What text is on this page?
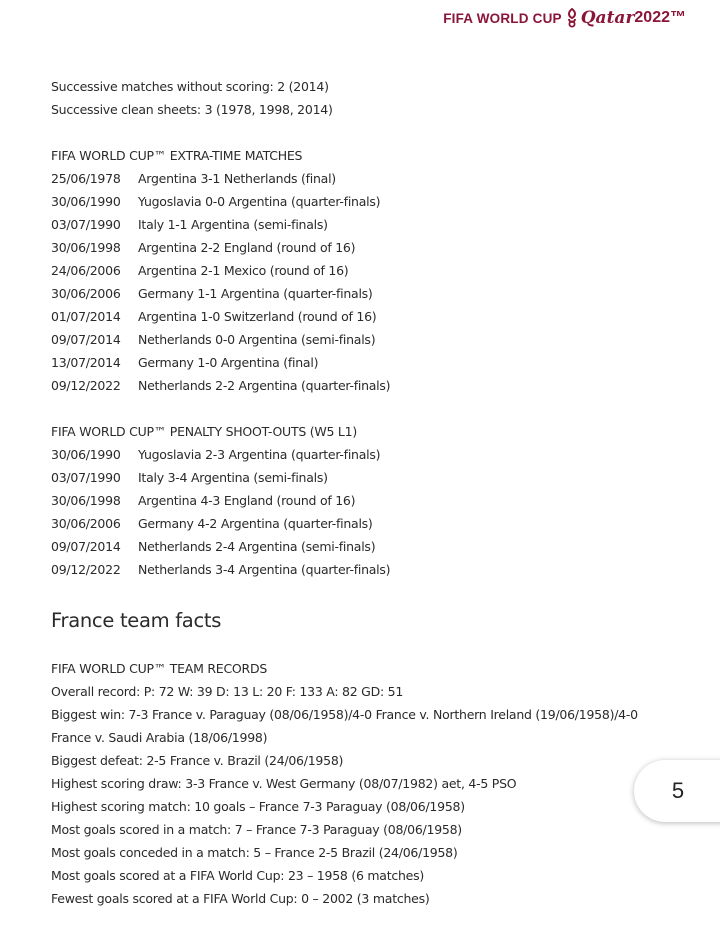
FIFA WORLD CUP Qatar 2022™
Successive matches without scoring: 2 (2014)
Successive clean sheets: 3 (1978, 1998, 2014)
FIFA WORLD CUP™ EXTRA-TIME MATCHES
25/06/1978 Argentina 3-1 Netherlands (final)
30/06/1990 Yugoslavia 0-0 Argentina (quarter-finals)
03/07/1990 Italy 1-1 Argentina (semi-finals)
30/06/1998 Argentina 2-2 England (round of 16)
24/06/2006 Argentina 2-1 Mexico (round of 16)
30/06/2006 Germany 1-1 Argentina (quarter-finals)
01/07/2014 Argentina 1-0 Switzerland (round of 16)
09/07/2014 Netherlands 0-0 Argentina (semi-finals)
13/07/2014 Germany 1-0 Argentina (final)
09/12/2022 Netherlands 2-2 Argentina (quarter-finals)
FIFA WORLD CUP™ PENALTY SHOOT-OUTS (W5 L1)
30/06/1990 Yugoslavia 2-3 Argentina (quarter-finals)
03/07/1990 Italy 3-4 Argentina (semi-finals)
30/06/1998 Argentina 4-3 England (round of 16)
30/06/2006 Germany 4-2 Argentina (quarter-finals)
09/07/2014 Netherlands 2-4 Argentina (semi-finals)
09/12/2022 Netherlands 3-4 Argentina (quarter-finals)
France team facts
FIFA WORLD CUP™ TEAM RECORDS
Overall record: P: 72 W: 39 D: 13 L: 20 F: 133 A: 82 GD: 51
Biggest win: 7-3 France v. Paraguay (08/06/1958)/4-0 France v. Northern Ireland (19/06/1958)/4-0
France v. Saudi Arabia (18/06/1998)
Biggest defeat: 2-5 France v. Brazil (24/06/1958)
Highest scoring draw: 3-3 France v. West Germany (08/07/1982) aet, 4-5 PSO
Highest scoring match: 10 goals – France 7-3 Paraguay (08/06/1958)
Most goals scored in a match: 7 – France 7-3 Paraguay (08/06/1958)
Most goals conceded in a match: 5 – France 2-5 Brazil (24/06/1958)
Most goals scored at a FIFA World Cup: 23 – 1958 (6 matches)
Fewest goals scored at a FIFA World Cup: 0 – 2002 (3 matches)
5
